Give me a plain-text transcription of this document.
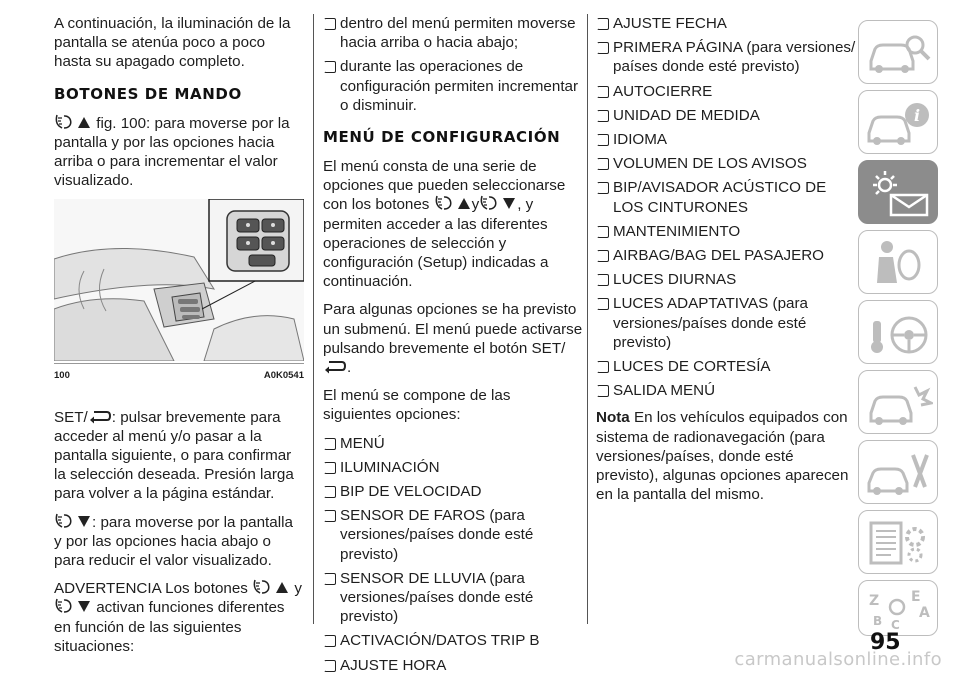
A continuación, la iluminación de la pantalla se atenúa poco a poco hasta su apagado completo.

BOTONES DE MANDO

fig. 100: para moverse por la pantalla y por las opciones hacia arriba o para incrementar el valor visualizado.

100	A0K0541

SET/ : pulsar brevemente para acceder al menú y/o pasar a la pantalla siguiente, o para confirmar la selección deseada. Presión larga para volver a la página estándar.

: para moverse por la pantalla y por las opciones hacia abajo o para reducir el valor visualizado.

ADVERTENCIA Los botones	y  activan funciones diferentes en función de las siguientes situaciones:

dentro del menú permiten moverse hacia arriba o hacia abajo;
durante las operaciones de configuración permiten incrementar o disminuir.
MENÚ DE CONFIGURACIÓN

El menú consta de una serie de opciones que pueden seleccionarse con los botones	y	, y permiten acceder a las diferentes operaciones de selección y configuración (Setup) indicadas a continuación.

Para algunas opciones se ha previsto un submenú. El menú puede activarse pulsando brevemente el botón SET/.

El menú se compone de las siguientes opciones:

MENÚ
ILUMINACIÓN
BIP DE VELOCIDAD
SENSOR DE FAROS (para versiones/países donde esté previsto)
SENSOR DE LLUVIA (para versiones/países donde esté previsto)
ACTIVACIÓN/DATOS TRIP B
AJUSTE HORA
AJUSTE FECHA
PRIMERA PÁGINA (para versiones/ países donde esté previsto)
AUTOCIERRE
UNIDAD DE MEDIDA
IDIOMA
VOLUMEN DE LOS AVISOS
BIP/AVISADOR ACÚSTICO DE LOS CINTURONES
MANTENIMIENTO
AIRBAG/BAG DEL PASAJERO
LUCES DIURNAS
LUCES ADAPTATIVAS (para versiones/países donde esté previsto)
LUCES DE CORTESÍA
SALIDA MENÚ

Nota En los vehículos equipados con sistema de radionavegación (para versiones/países, donde esté previsto), algunas opciones aparecen en la pantalla del mismo.

i
Z E
A
B C
95
carmanualsonline.info
